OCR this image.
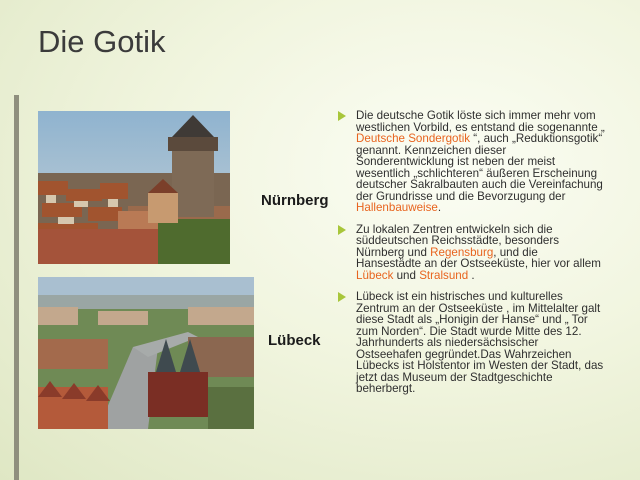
Die Gotik
Nürnberg
Lübeck
Die deutsche Gotik löste sich immer mehr vom westlichen Vorbild, es entstand die sogenannte „ Deutsche Sondergotik “, auch „Reduktionsgotik“ genannt. Kennzeichen dieser Sonderentwicklung ist neben der meist wesentlich „schlichteren“ äußeren Erscheinung deutscher Sakralbauten auch die Vereinfachung der Grundrisse und die Bevorzugung der Hallenbauweise.
Zu lokalen Zentren entwickeln sich die süddeutschen Reichsstädte, besonders Nürnberg und Regensburg, und die Hansestädte an der Ostseeküste, hier vor allem Lübeck und Stralsund .
Lübeck ist ein histrisches und kulturelles Zentrum an der Ostseeküste , im Mittelalter galt diese Stadt als „Honigin der Hanse“ und „ Tor zum Norden“. Die Stadt wurde Mitte des 12. Jahrhunderts als niedersächsischer Ostseehafen gegründet.Das Wahrzeichen Lübecks ist Holstentor im Westen der Stadt, das jetzt das Museum der Stadtgeschichte beherbergt.
